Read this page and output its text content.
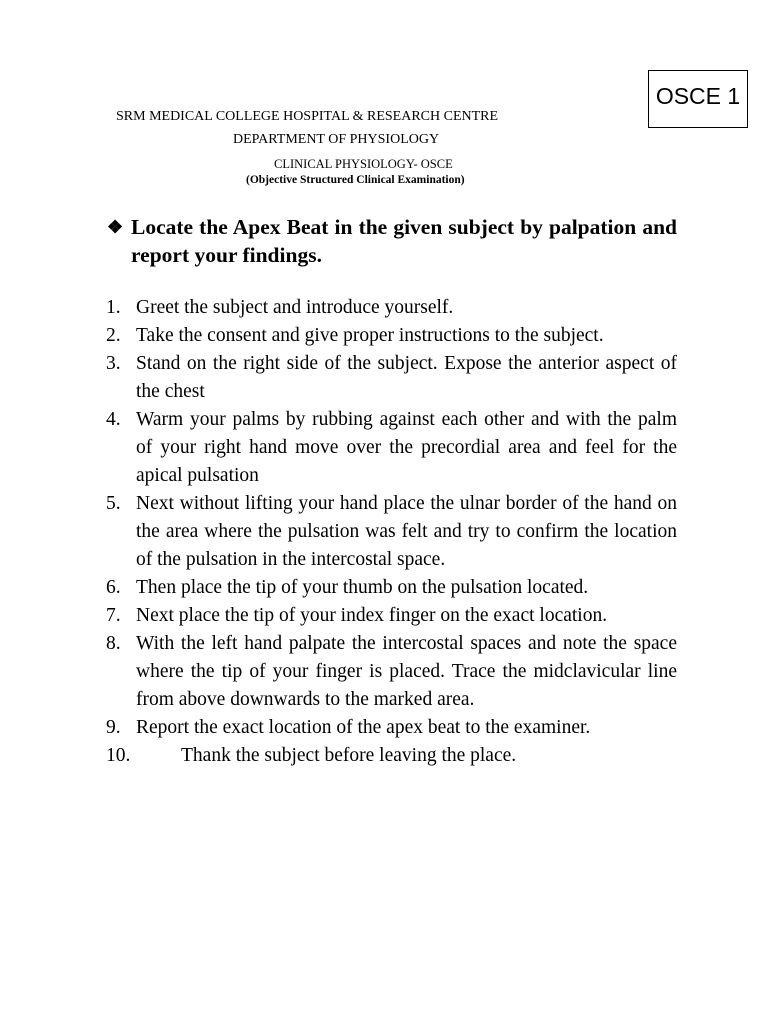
OSCE 1
SRM MEDICAL COLLEGE HOSPITAL & RESEARCH CENTRE
DEPARTMENT OF PHYSIOLOGY
CLINICAL PHYSIOLOGY- OSCE
(Objective Structured Clinical Examination)

❖ Locate the Apex Beat in the given subject by palpation and report your findings.

1. Greet the subject and introduce yourself.
2. Take the consent and give proper instructions to the subject.
3. Stand on the right side of the subject. Expose the anterior aspect of the chest
4. Warm your palms by rubbing against each other and with the palm of your right hand move over the precordial area and feel for the apical pulsation
5. Next without lifting your hand place the ulnar border of the hand on the area where the pulsation was felt and try to confirm the location of the pulsation in the intercostal space.
6. Then place the tip of your thumb on the pulsation located.
7. Next place the tip of your index finger on the exact location.
8. With the left hand palpate the intercostal spaces and note the space where the tip of your finger is placed. Trace the midclavicular line from above downwards to the marked area.
9. Report the exact location of the apex beat to the examiner.
10.	Thank the subject before leaving the place.
